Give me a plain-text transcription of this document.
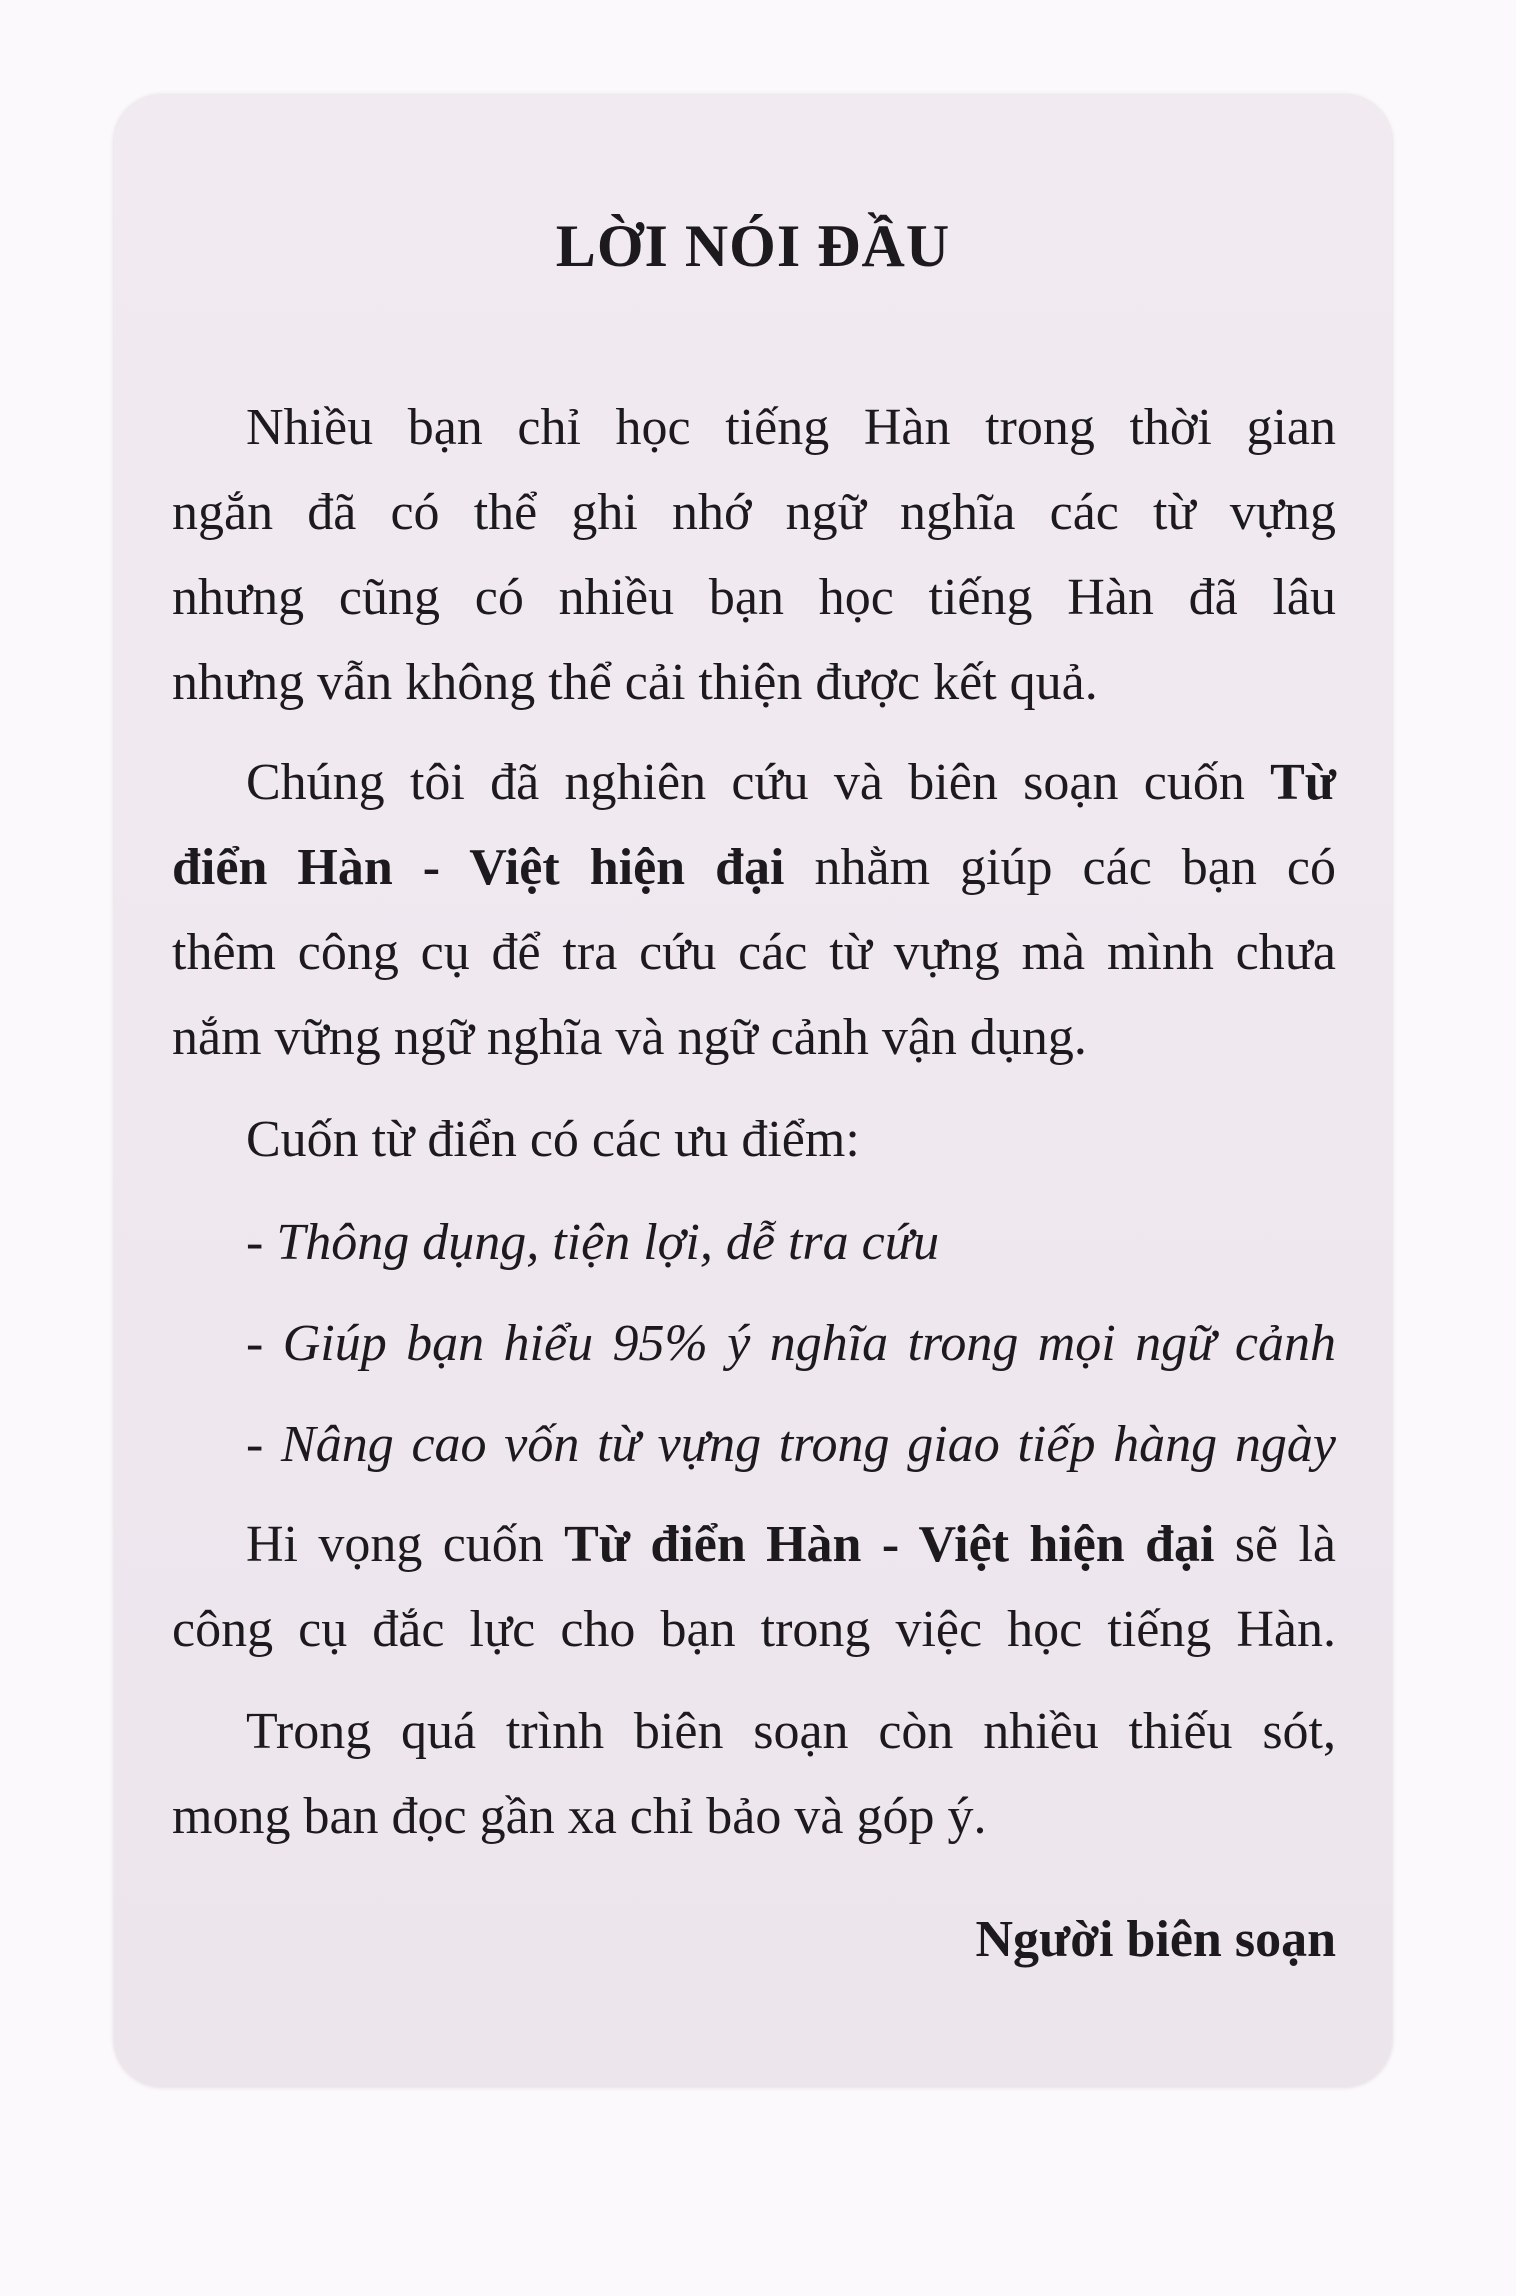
LỜI NÓI ĐẦU
Nhiều bạn chỉ học tiếng Hàn trong thời gian
ngắn đã có thể ghi nhớ ngữ nghĩa các từ vựng
nhưng cũng có nhiều bạn học tiếng Hàn đã lâu
nhưng vẫn không thể cải thiện được kết quả.
Chúng tôi đã nghiên cứu và biên soạn cuốn Từ
điển Hàn - Việt hiện đại nhằm giúp các bạn có
thêm công cụ để tra cứu các từ vựng mà mình chưa
nắm vững ngữ nghĩa và ngữ cảnh vận dụng.
Cuốn từ điển có các ưu điểm:
- Thông dụng, tiện lợi, dễ tra cứu
- Giúp bạn hiểu 95% ý nghĩa trong mọi ngữ cảnh
- Nâng cao vốn từ vựng trong giao tiếp hàng ngày
Hi vọng cuốn Từ điển Hàn - Việt hiện đại sẽ là
công cụ đắc lực cho bạn trong việc học tiếng Hàn.
Trong quá trình biên soạn còn nhiều thiếu sót,
mong ban đọc gần xa chỉ bảo và góp ý.
Người biên soạn
